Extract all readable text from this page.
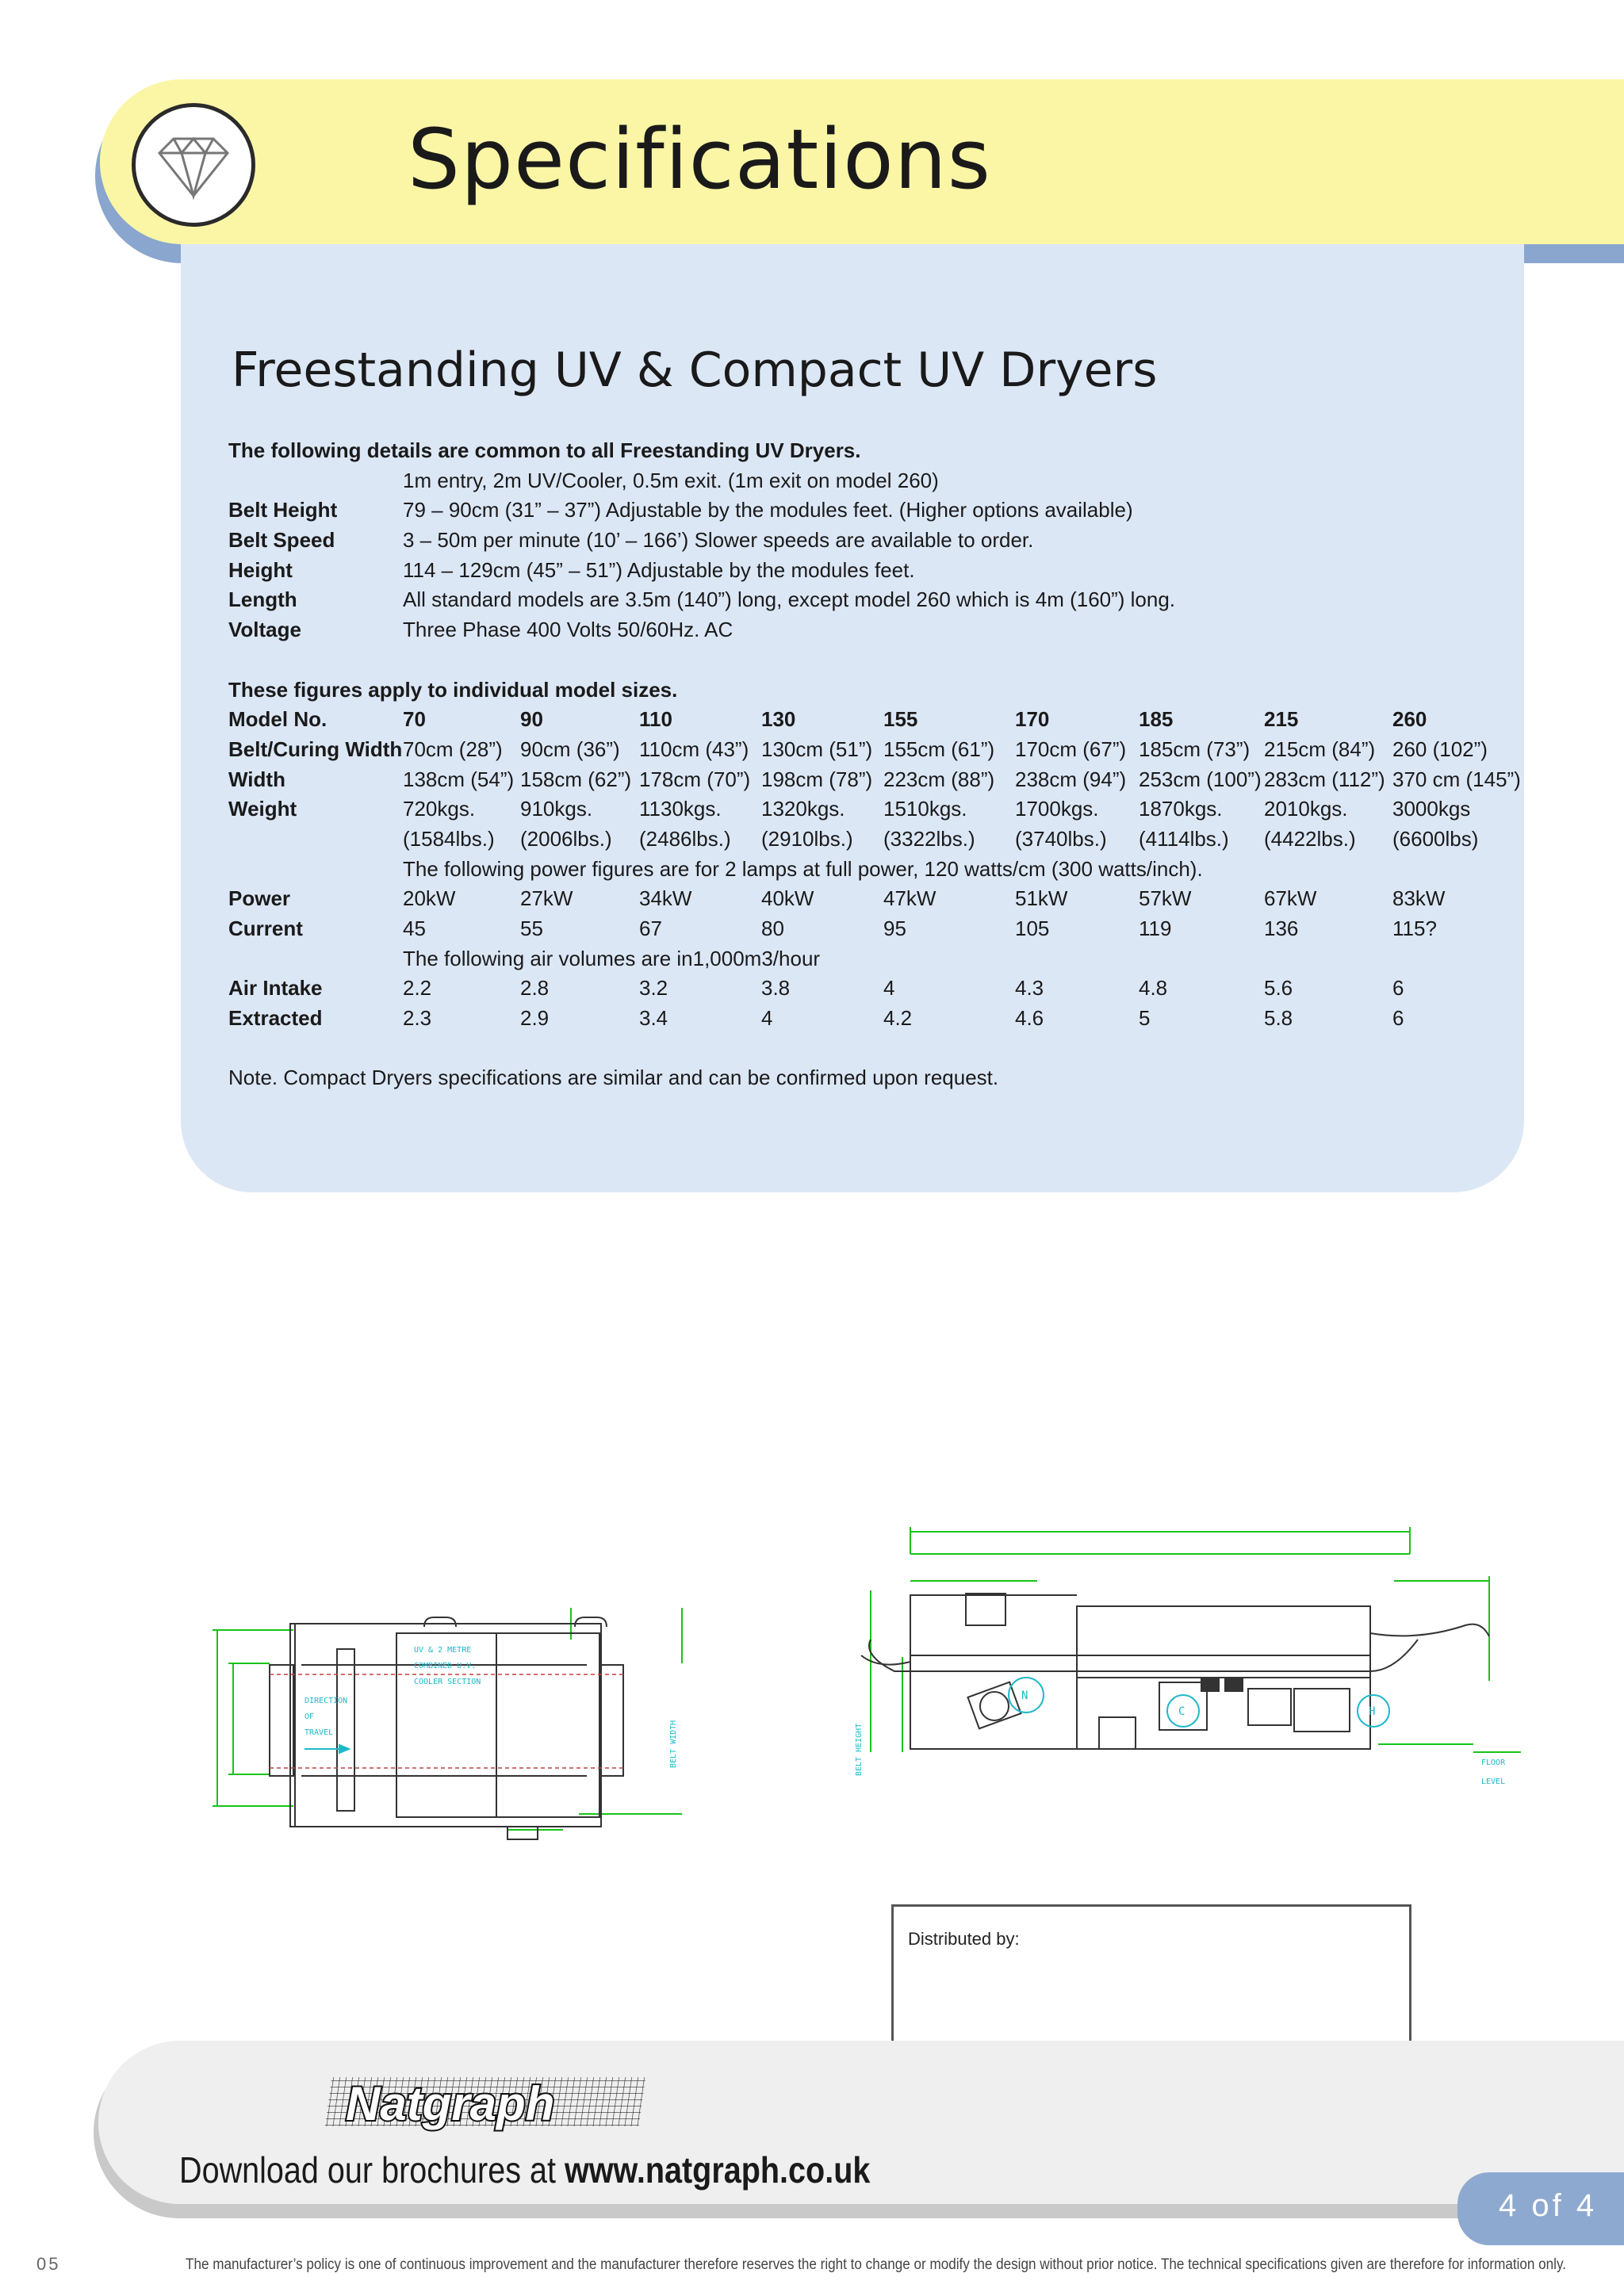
Specifications
Freestanding UV & Compact UV Dryers
The following details are common to all Freestanding UV Dryers.
1m entry, 2m UV/Cooler, 0.5m exit. (1m exit on model 260)
Belt Height	79 – 90cm (31” – 37”) Adjustable by the modules feet. (Higher options available)
Belt Speed	3 – 50m per minute (10’ – 166’) Slower speeds are available to order.
Height	114 – 129cm (45” – 51”) Adjustable by the modules feet.
Length	All standard models are 3.5m (140”) long, except model 260 which is 4m (160”) long.
Voltage	Three Phase 400 Volts 50/60Hz. AC
These figures apply to individual model sizes.
Model No.	70	90	110	130	155	170	185	215	260
Belt/Curing Width 70cm (28”) 90cm (36”) 110cm (43”) 130cm (51”) 155cm (61”) 170cm (67”) 185cm (73”) 215cm (84”) 260 (102”)
Width	138cm (54”) 158cm (62”) 178cm (70”) 198cm (78”) 223cm (88”) 238cm (94”) 253cm (100”) 283cm (112”) 370 cm (145”)
Weight	720kgs. 910kgs. 1130kgs. 1320kgs. 1510kgs. 1700kgs. 1870kgs. 2010kgs. 3000kgs
(1584lbs.) (2006lbs.) (2486lbs.) (2910lbs.) (3322lbs.) (3740lbs.) (4114lbs.) (4422lbs.) (6600lbs)
The following power figures are for 2 lamps at full power, 120 watts/cm (300 watts/inch).
Power	20kW	27kW	34kW	40kW	47kW	51kW	57kW	67kW	83kW
Current	45	55	67	80	95	105	119	136	115?
The following air volumes are in1,000m3/hour
Air Intake	2.2	2.8	3.2	3.8	4	4.3	4.8	5.6	6
Extracted	2.3	2.9	3.4	4	4.2	4.6	5	5.8	6
Note. Compact Dryers specifications are similar and can be confirmed upon request.
DIRECTION
OF
TRAVEL
UV & 2 METRE
COMBINED U.V.
COOLER SECTION
BELT WIDTH
N
C	H
BELT HEIGHT	FLOOR
LEVEL
Distributed by:
Natgraph
Download our brochures at www.natgraph.co.uk
4 of 4
05	The manufacturer’s policy is one of continuous improvement and the manufacturer therefore reserves the right to change or modify the design without prior notice. The technical specifications given are therefore for information only.
